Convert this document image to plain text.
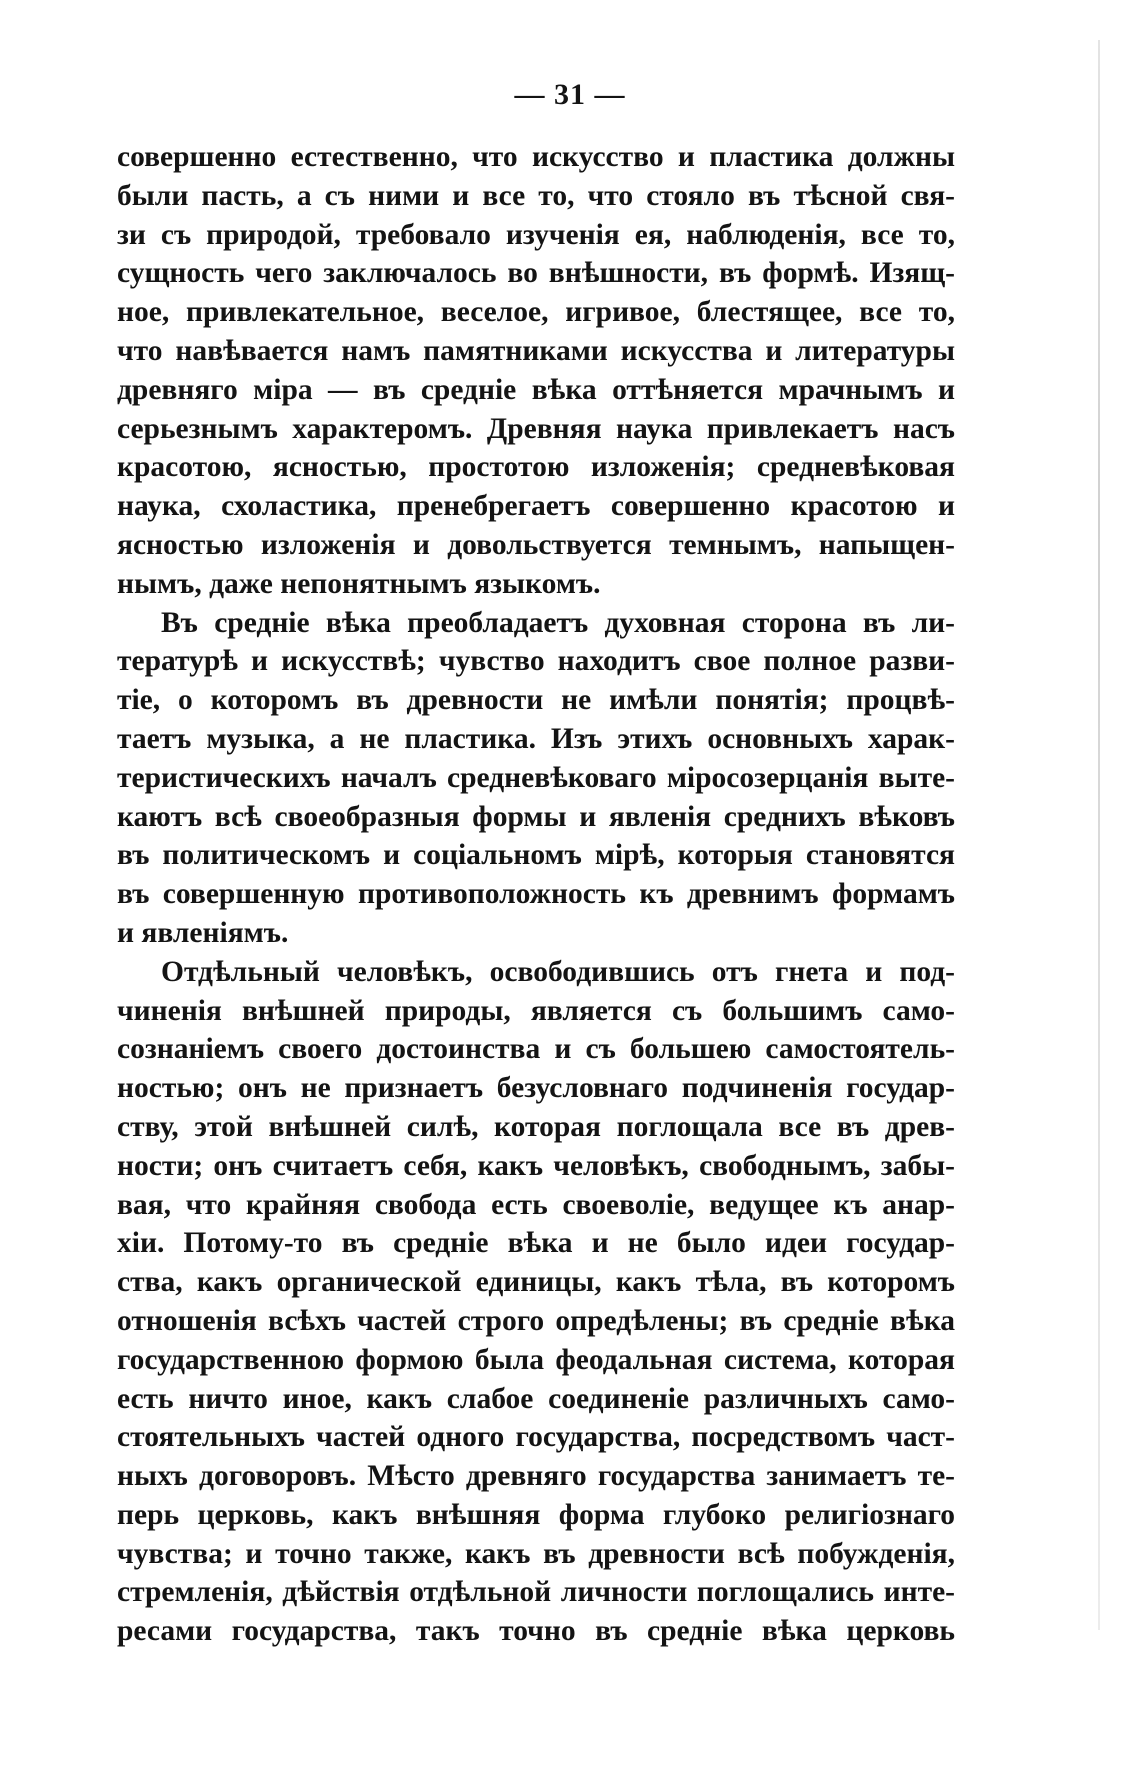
— 31 —
совершенно естественно, что искусство и пластика должны
были пасть, а съ ними и все то, что стояло въ тѣсной свя-
зи съ природой, требовало изученія ея, наблюденія, все то,
сущность чего заключалось во внѣшности, въ формѣ. Изящ-
ное, привлекательное, веселое, игривое, блестящее, все то,
что навѣвается намъ памятниками искусства и литературы
древняго міра — въ средніе вѣка оттѣняется мрачнымъ и
серьезнымъ характеромъ. Древняя наука привлекаетъ насъ
красотою, ясностью, простотою изложенія; средневѣковая
наука, схоластика, пренебрегаетъ совершенно красотою и
ясностью изложенія и довольствуется темнымъ, напыщен-
нымъ, даже непонятнымъ языкомъ.
Въ средніе вѣка преобладаетъ духовная сторона въ ли-
тературѣ и искусствѣ; чувство находитъ свое полное разви-
тіе, о которомъ въ древности не имѣли понятія; процвѣ-
таетъ музыка, а не пластика. Изъ этихъ основныхъ харак-
теристическихъ началъ средневѣковаго міросозерцанія выте-
каютъ всѣ своеобразныя формы и явленія среднихъ вѣковъ
въ политическомъ и соціальномъ мірѣ, которыя становятся
въ совершенную противоположность къ древнимъ формамъ
и явленіямъ.
Отдѣльный человѣкъ, освободившись отъ гнета и под-
чиненія внѣшней природы, является съ большимъ само-
сознаніемъ своего достоинства и съ большею самостоятель-
ностью; онъ не признаетъ безусловнаго подчиненія государ-
ству, этой внѣшней силѣ, которая поглощала все въ древ-
ности; онъ считаетъ себя, какъ человѣкъ, свободнымъ, забы-
вая, что крайняя свобода есть своеволіе, ведущее къ анар-
хіи. Потому-то въ средніе вѣка и не было идеи государ-
ства, какъ органической единицы, какъ тѣла, въ которомъ
отношенія всѣхъ частей строго опредѣлены; въ средніе вѣка
государственною формою была феодальная система, которая
есть ничто иное, какъ слабое соединеніе различныхъ само-
стоятельныхъ частей одного государства, посредствомъ част-
ныхъ договоровъ. Мѣсто древняго государства занимаетъ те-
перь церковь, какъ внѣшняя форма глубоко религіознаго
чувства; и точно также, какъ въ древности всѣ побужденія,
стремленія, дѣйствія отдѣльной личности поглощались инте-
ресами государства, такъ точно въ средніе вѣка церковь
